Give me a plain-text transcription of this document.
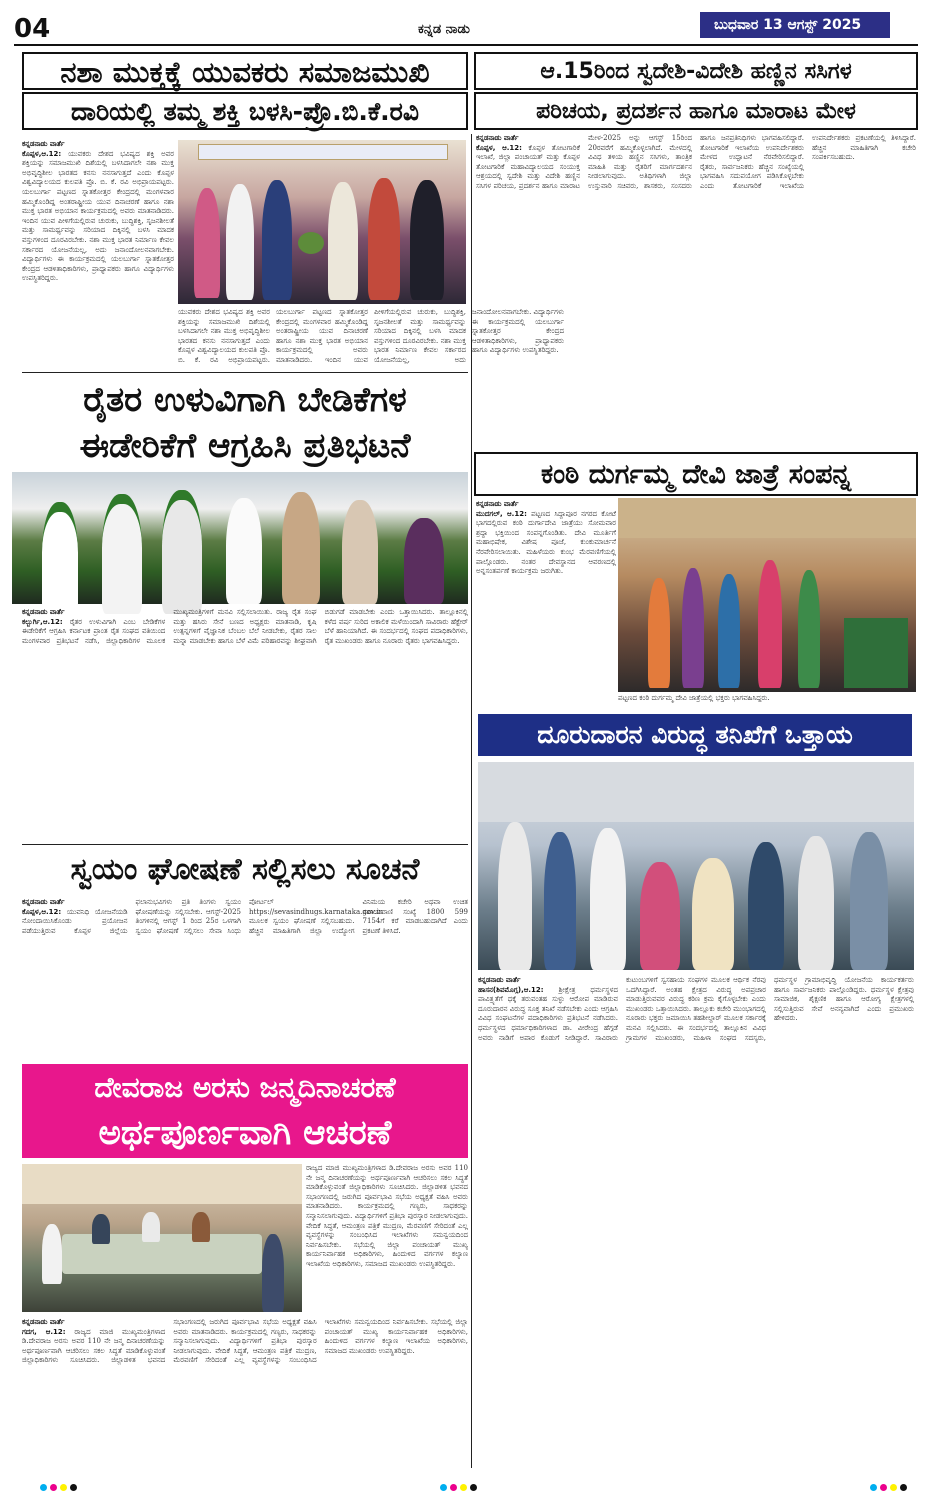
04	ಕನ್ನಡ ನಾಡು	ಬುಧವಾರ 13 ಆಗಸ್ಟ್ 2025
ನಶಾ ಮುಕ್ತಕ್ಕೆ ಯುವಕರು ಸಮಾಜಮುಖಿ
ದಾರಿಯಲ್ಲಿ ತಮ್ಮ ಶಕ್ತಿ ಬಳಸಿ-ಪ್ರೊ.ಬಿ.ಕೆ.ರವಿ
ಕನ್ನಡನಾಡು ವಾರ್ತೆ
ಕೊಪ್ಪಳ,ಆ.12: ಯುವಕರು ದೇಶದ ಭವಿಷ್ಯದ ಶಕ್ತಿ ಅವರ ಶಕ್ತಿಯನ್ನು ಸಮಾಜಮುಖಿ ದಿಶೆಯಲ್ಲಿ ಬಳಸಿದಾಗಲೇ ನಶಾ ಮುಕ್ತ ಅಭಿವೃದ್ಧಿಶೀಲ ಭಾರತದ ಕನಸು ನನಸಾಗುತ್ತದೆ ಎಂದು ಕೊಪ್ಪಳ ವಿಶ್ವವಿದ್ಯಾಲಯದ ಕುಲಪತಿ ಪ್ರೊ. ಬಿ. ಕೆ. ರವಿ ಅಭಿಪ್ರಾಯಪಟ್ಟರು. ಯಲಬುರ್ಗಾ ಪಟ್ಟಣದ ಸ್ನಾತಕೋತ್ತರ ಕೇಂದ್ರದಲ್ಲಿ ಮಂಗಳವಾರ ಹಮ್ಮಿಕೊಂಡಿದ್ದ ಅಂತರಾಷ್ಟ್ರೀಯ ಯುವ ದಿನಾಚರಣೆ ಹಾಗೂ ನಶಾ ಮುಕ್ತ ಭಾರತ ಅಭಿಯಾನ ಕಾರ್ಯಕ್ರಮದಲ್ಲಿ ಅವರು ಮಾತನಾಡಿದರು. ಇಂದಿನ ಯುವ ಪೀಳಿಗೆಯಲ್ಲಿರುವ ಚುರುಕು, ಬುದ್ಧಿಶಕ್ತಿ, ಸೃಜನಶೀಲತೆ ಮತ್ತು ಸಾಮರ್ಥ್ಯವನ್ನು ಸರಿಯಾದ ದಿಕ್ಕಿನಲ್ಲಿ ಬಳಸಿ ಮಾದಕ ವಸ್ತುಗಳಿಂದ ದೂರವಿರಬೇಕು. ನಶಾ ಮುಕ್ತ ಭಾರತ ನಿರ್ಮಾಣ ಕೇವಲ ಸರ್ಕಾರದ ಯೋಜನೆಯಲ್ಲ, ಅದು ಜನಾಂದೋಲನವಾಗಬೇಕು. ವಿದ್ಯಾರ್ಥಿಗಳು ಈ ಕಾರ್ಯಕ್ರಮದಲ್ಲಿ ಯಲಬುರ್ಗಾ ಸ್ನಾತಕೋತ್ತರ ಕೇಂದ್ರದ ಆಡಳಿತಾಧಿಕಾರಿಗಳು, ಪ್ರಾಧ್ಯಾಪಕರು ಹಾಗೂ ವಿದ್ಯಾರ್ಥಿಗಳು ಉಪಸ್ಥಿತರಿದ್ದರು.
ಯುವಕರು ದೇಶದ ಭವಿಷ್ಯದ ಶಕ್ತಿ ಅವರ ಶಕ್ತಿಯನ್ನು ಸಮಾಜಮುಖಿ ದಿಶೆಯಲ್ಲಿ ಬಳಸಿದಾಗಲೇ ನಶಾ ಮುಕ್ತ ಅಭಿವೃದ್ಧಿಶೀಲ ಭಾರತದ ಕನಸು ನನಸಾಗುತ್ತದೆ ಎಂದು ಕೊಪ್ಪಳ ವಿಶ್ವವಿದ್ಯಾಲಯದ ಕುಲಪತಿ ಪ್ರೊ. ಬಿ. ಕೆ. ರವಿ ಅಭಿಪ್ರಾಯಪಟ್ಟರು. ಯಲಬುರ್ಗಾ ಪಟ್ಟಣದ ಸ್ನಾತಕೋತ್ತರ ಕೇಂದ್ರದಲ್ಲಿ ಮಂಗಳವಾರ ಹಮ್ಮಿಕೊಂಡಿದ್ದ ಅಂತರಾಷ್ಟ್ರೀಯ ಯುವ ದಿನಾಚರಣೆ ಹಾಗೂ ನಶಾ ಮುಕ್ತ ಭಾರತ ಅಭಿಯಾನ ಕಾರ್ಯಕ್ರಮದಲ್ಲಿ ಅವರು ಮಾತನಾಡಿದರು. ಇಂದಿನ ಯುವ ಪೀಳಿಗೆಯಲ್ಲಿರುವ ಚುರುಕು, ಬುದ್ಧಿಶಕ್ತಿ, ಸೃಜನಶೀಲತೆ ಮತ್ತು ಸಾಮರ್ಥ್ಯವನ್ನು ಸರಿಯಾದ ದಿಕ್ಕಿನಲ್ಲಿ ಬಳಸಿ ಮಾದಕ ವಸ್ತುಗಳಿಂದ ದೂರವಿರಬೇಕು. ನಶಾ ಮುಕ್ತ ಭಾರತ ನಿರ್ಮಾಣ ಕೇವಲ ಸರ್ಕಾರದ ಯೋಜನೆಯಲ್ಲ, ಅದು ಜನಾಂದೋಲನವಾಗಬೇಕು. ವಿದ್ಯಾರ್ಥಿಗಳು ಈ ಕಾರ್ಯಕ್ರಮದಲ್ಲಿ ಯಲಬುರ್ಗಾ ಸ್ನಾತಕೋತ್ತರ ಕೇಂದ್ರದ ಆಡಳಿತಾಧಿಕಾರಿಗಳು, ಪ್ರಾಧ್ಯಾಪಕರು ಹಾಗೂ ವಿದ್ಯಾರ್ಥಿಗಳು ಉಪಸ್ಥಿತರಿದ್ದರು.
ಆ.15ರಿಂದ ಸ್ವದೇಶಿ-ವಿದೇಶಿ ಹಣ್ಣಿನ ಸಸಿಗಳ
ಪರಿಚಯ, ಪ್ರದರ್ಶನ ಹಾಗೂ ಮಾರಾಟ ಮೇಳ
ಕನ್ನಡನಾಡು ವಾರ್ತೆ
ಕೊಪ್ಪಳ, ಆ.12: ಕೊಪ್ಪಳ ತೋಟಗಾರಿಕೆ ಇಲಾಖೆ, ಜಿಲ್ಲಾ ಪಂಚಾಯತ್ ಮತ್ತು ಕೊಪ್ಪಳ ತೋಟಗಾರಿಕೆ ಮಹಾವಿದ್ಯಾಲಯದ ಸಂಯುಕ್ತ ಆಶ್ರಯದಲ್ಲಿ ಸ್ವದೇಶಿ ಮತ್ತು ವಿದೇಶಿ ಹಣ್ಣಿನ ಸಸಿಗಳ ಪರಿಚಯ, ಪ್ರದರ್ಶನ ಹಾಗೂ ಮಾರಾಟ ಮೇಳ-2025 ಅನ್ನು ಆಗಸ್ಟ್ 15ರಿಂದ 20ರವರೆಗೆ ಹಮ್ಮಿಕೊಳ್ಳಲಾಗಿದೆ. ಮೇಳದಲ್ಲಿ ವಿವಿಧ ತಳಿಯ ಹಣ್ಣಿನ ಸಸಿಗಳು, ತಾಂತ್ರಿಕ ಮಾಹಿತಿ ಮತ್ತು ರೈತರಿಗೆ ಮಾರ್ಗದರ್ಶನ ನೀಡಲಾಗುವುದು. ಅತಿಥಿಗಳಾಗಿ ಜಿಲ್ಲಾ ಉಸ್ತುವಾರಿ ಸಚಿವರು, ಶಾಸಕರು, ಸಂಸದರು ಹಾಗೂ ಜನಪ್ರತಿನಿಧಿಗಳು ಭಾಗವಹಿಸಲಿದ್ದಾರೆ. ತೋಟಗಾರಿಕೆ ಇಲಾಖೆಯ ಉಪನಿರ್ದೇಶಕರು ಮೇಳದ ಉದ್ಘಾಟನೆ ನೆರವೇರಿಸಲಿದ್ದಾರೆ. ರೈತರು, ಸಾರ್ವಜನಿಕರು ಹೆಚ್ಚಿನ ಸಂಖ್ಯೆಯಲ್ಲಿ ಭಾಗವಹಿಸಿ ಸದುಪಯೋಗ ಪಡಿಸಿಕೊಳ್ಳಬೇಕು ಎಂದು ತೋಟಗಾರಿಕೆ ಇಲಾಖೆಯ ಉಪನಿರ್ದೇಶಕರು ಪ್ರಕಟಣೆಯಲ್ಲಿ ತಿಳಿಸಿದ್ದಾರೆ. ಹೆಚ್ಚಿನ ಮಾಹಿತಿಗಾಗಿ ಕಚೇರಿ ಸಂಪರ್ಕಿಸಬಹುದು.
ರೈತರ ಉಳುವಿಗಾಗಿ ಬೇಡಿಕೆಗಳ
ಈಡೇರಿಕೆಗೆ ಆಗ್ರಹಿಸಿ ಪ್ರತಿಭಟನೆ
ಕನ್ನಡನಾಡು ವಾರ್ತೆ
ಕಲ್ಬುರ್ಗಿ,ಆ.12: ರೈತರ ಉಳುವಿಗಾಗಿ ಎಂಬ ಬೇಡಿಕೆಗಳ ಈಡೇರಿಕೆಗೆ ಆಗ್ರಹಿಸಿ ಕರ್ನಾಟಕ ಪ್ರಾಂತ ರೈತ ಸಂಘದ ವತಿಯಿಂದ ಮಂಗಳವಾರ ಪ್ರತಿಭಟನೆ ನಡೆಸಿ, ಜಿಲ್ಲಾಧಿಕಾರಿಗಳ ಮೂಲಕ ಮುಖ್ಯಮಂತ್ರಿಗಳಿಗೆ ಮನವಿ ಸಲ್ಲಿಸಲಾಯಿತು. ರಾಜ್ಯ ರೈತ ಸಂಘ ಮತ್ತು ಹಸಿರು ಸೇನೆ ಬಣದ ಅಧ್ಯಕ್ಷರು ಮಾತನಾಡಿ, ಕೃಷಿ ಉತ್ಪನ್ನಗಳಿಗೆ ವೈಜ್ಞಾನಿಕ ಬೆಂಬಲ ಬೆಲೆ ನೀಡಬೇಕು, ರೈತರ ಸಾಲ ಮನ್ನಾ ಮಾಡಬೇಕು ಹಾಗೂ ಬೆಳೆ ವಿಮೆ ಪರಿಹಾರವನ್ನು ಶೀಘ್ರವಾಗಿ ಬಿಡುಗಡೆ ಮಾಡಬೇಕು ಎಂದು ಒತ್ತಾಯಿಸಿದರು. ತಾಲ್ಲೂಕಿನಲ್ಲಿ ಕಳೆದ ವರ್ಷ ಸುರಿದ ಅಕಾಲಿಕ ಮಳೆಯಿಂದಾಗಿ ಸಾವಿರಾರು ಹೆಕ್ಟೇರ್ ಬೆಳೆ ಹಾನಿಯಾಗಿದೆ. ಈ ಸಂದರ್ಭದಲ್ಲಿ ಸಂಘದ ಪದಾಧಿಕಾರಿಗಳು, ರೈತ ಮುಖಂಡರು ಹಾಗೂ ನೂರಾರು ರೈತರು ಭಾಗವಹಿಸಿದ್ದರು.
ಕಂಠಿ ದುರ್ಗಮ್ಮ ದೇವಿ ಜಾತ್ರೆ ಸಂಪನ್ನ
ಕನ್ನಡನಾಡು ವಾರ್ತೆ
ಮುದಗಲ್, ಆ.12: ಪಟ್ಟಣದ ಸಿದ್ದಾಪೂರ ನಗರದ ಕೋಟೆ ಭಾಗದಲ್ಲಿರುವ ಕಂಠಿ ದುರ್ಗಾದೇವಿ ಜಾತ್ರೆಯು ಸೋಮವಾರ ಶ್ರದ್ಧಾ ಭಕ್ತಿಯಿಂದ ಸಂಪನ್ನಗೊಂಡಿತು. ದೇವಿ ಮೂರ್ತಿಗೆ ಮಹಾಭಿಷೇಕ, ವಿಶೇಷ ಪೂಜೆ, ಕುಂಕುಮಾರ್ಚನೆ ನೆರವೇರಿಸಲಾಯಿತು. ಮಹಿಳೆಯರು ಕುಂಭ ಮೆರವಣಿಗೆಯಲ್ಲಿ ಪಾಲ್ಗೊಂಡರು. ನಂತರ ದೇವಸ್ಥಾನದ ಆವರಣದಲ್ಲಿ ಅನ್ನಸಂತರ್ಪಣೆ ಕಾರ್ಯಕ್ರಮ ಜರುಗಿತು.
ಪಟ್ಟಣದ ಕಂಠಿ ದುರ್ಗಮ್ಮ ದೇವಿ ಜಾತ್ರೆಯಲ್ಲಿ ಭಕ್ತರು ಭಾಗವಹಿಸಿದ್ದರು.
ದೂರುದಾರನ ವಿರುದ್ಧ ತನಿಖೆಗೆ ಒತ್ತಾಯ
ಕನ್ನಡನಾಡು ವಾರ್ತೆ
ಹಾಸನ(ಶಿವಮೊಗ್ಗ),ಆ.12: ಶ್ರೀಕ್ಷೇತ್ರ ಧರ್ಮಸ್ಥಳದ ಪಾವಿತ್ರ್ಯತೆಗೆ ಧಕ್ಕೆ ತರುವಂತಹ ಸುಳ್ಳು ಆರೋಪ ಮಾಡಿರುವ ದೂರುದಾರನ ವಿರುದ್ಧ ಸೂಕ್ತ ತನಿಖೆ ನಡೆಸಬೇಕು ಎಂದು ಆಗ್ರಹಿಸಿ ವಿವಿಧ ಸಂಘಟನೆಗಳ ಪದಾಧಿಕಾರಿಗಳು ಪ್ರತಿಭಟನೆ ನಡೆಸಿದರು. ಧರ್ಮಸ್ಥಳದ ಧರ್ಮಾಧಿಕಾರಿಗಳಾದ ಡಾ. ವೀರೇಂದ್ರ ಹೆಗ್ಗಡೆ ಅವರು ನಾಡಿಗೆ ಅಪಾರ ಕೊಡುಗೆ ನೀಡಿದ್ದಾರೆ. ಸಾವಿರಾರು ಕುಟುಂಬಗಳಿಗೆ ಸ್ವಸಹಾಯ ಸಂಘಗಳ ಮೂಲಕ ಆರ್ಥಿಕ ನೆರವು ಒದಗಿಸಿದ್ದಾರೆ. ಅಂತಹ ಕ್ಷೇತ್ರದ ವಿರುದ್ಧ ಅಪಪ್ರಚಾರ ಮಾಡುತ್ತಿರುವವರ ವಿರುದ್ಧ ಕಠಿಣ ಕ್ರಮ ಕೈಗೊಳ್ಳಬೇಕು ಎಂದು ಮುಖಂಡರು ಒತ್ತಾಯಿಸಿದರು. ತಾಲ್ಲೂಕು ಕಚೇರಿ ಮುಂಭಾಗದಲ್ಲಿ ನೂರಾರು ಭಕ್ತರು ಜಮಾಯಿಸಿ ತಹಶೀಲ್ದಾರ್ ಮೂಲಕ ಸರ್ಕಾರಕ್ಕೆ ಮನವಿ ಸಲ್ಲಿಸಿದರು. ಈ ಸಂದರ್ಭದಲ್ಲಿ ತಾಲ್ಲೂಕಿನ ವಿವಿಧ ಗ್ರಾಮಗಳ ಮುಖಂಡರು, ಮಹಿಳಾ ಸಂಘದ ಸದಸ್ಯರು, ಧರ್ಮಸ್ಥಳ ಗ್ರಾಮಾಭಿವೃದ್ಧಿ ಯೋಜನೆಯ ಕಾರ್ಯಕರ್ತರು ಹಾಗೂ ಸಾರ್ವಜನಿಕರು ಪಾಲ್ಗೊಂಡಿದ್ದರು. ಧರ್ಮಸ್ಥಳ ಕ್ಷೇತ್ರವು ಸಾಮಾಜಿಕ, ಶೈಕ್ಷಣಿಕ ಹಾಗೂ ಆರೋಗ್ಯ ಕ್ಷೇತ್ರಗಳಲ್ಲಿ ಸಲ್ಲಿಸುತ್ತಿರುವ ಸೇವೆ ಅನನ್ಯವಾಗಿದೆ ಎಂದು ಪ್ರಮುಖರು ಹೇಳಿದರು.
ಸ್ವಯಂ ಘೋಷಣೆ ಸಲ್ಲಿಸಲು ಸೂಚನೆ
ಕನ್ನಡನಾಡು ವಾರ್ತೆ
ಕೊಪ್ಪಳ,ಆ.12: ಯುವನಿಧಿ ಯೋಜನೆಯಡಿ ನೋಂದಾಯಿಸಿಕೊಂಡು ಪ್ರಯೋಜನ ಪಡೆಯುತ್ತಿರುವ ಕೊಪ್ಪಳ ಜಿಲ್ಲೆಯ ಫಲಾನುಭವಿಗಳು ಪ್ರತಿ ತಿಂಗಳು ಸ್ವಯಂ ಘೋಷಣೆಯನ್ನು ಸಲ್ಲಿಸಬೇಕು. ಆಗಸ್ಟ್-2025 ತಿಂಗಳಿನಲ್ಲಿ ಆಗಸ್ಟ್ 1 ರಿಂದ 25ರ ಒಳಗಾಗಿ ಸ್ವಯಂ ಘೋಷಣೆ ಸಲ್ಲಿಸಲು ಸೇವಾ ಸಿಂಧು ಪೋರ್ಟಲ್ https://sevasindhugs.karnataka.gov.in ಮೂಲಕ ಸ್ವಯಂ ಘೋಷಣೆ ಸಲ್ಲಿಸಬಹುದು. ಹೆಚ್ಚಿನ ಮಾಹಿತಿಗಾಗಿ ಜಿಲ್ಲಾ ಉದ್ಯೋಗ ವಿನಿಮಯ ಕಚೇರಿ ಅಥವಾ ಉಚಿತ ಸಹಾಯವಾಣಿ ಸಂಖ್ಯೆ 1800 599 7154ಗೆ ಕರೆ ಮಾಡಬಹುದಾಗಿದೆ ಎಂದು ಪ್ರಕಟಣೆ ತಿಳಿಸಿದೆ.
ದೇವರಾಜ ಅರಸು ಜನ್ಮದಿನಾಚರಣೆ
ಅರ್ಥಪೂರ್ಣವಾಗಿ ಆಚರಣೆ
ರಾಜ್ಯದ ಮಾಜಿ ಮುಖ್ಯಮಂತ್ರಿಗಳಾದ ಡಿ.ದೇವರಾಜ ಅರಸು ಅವರ 110 ನೇ ಜನ್ಮ ದಿನಾಚರಣೆಯನ್ನು ಅರ್ಥಪೂರ್ಣವಾಗಿ ಆಚರಿಸಲು ಸಕಲ ಸಿದ್ಧತೆ ಮಾಡಿಕೊಳ್ಳುವಂತೆ ಜಿಲ್ಲಾಧಿಕಾರಿಗಳು ಸೂಚಿಸಿದರು. ಜಿಲ್ಲಾಡಳಿತ ಭವನದ ಸಭಾಂಗಣದಲ್ಲಿ ಜರುಗಿದ ಪೂರ್ವಭಾವಿ ಸಭೆಯ ಅಧ್ಯಕ್ಷತೆ ವಹಿಸಿ ಅವರು ಮಾತನಾಡಿದರು. ಕಾರ್ಯಕ್ರಮದಲ್ಲಿ ಗಣ್ಯರು, ಸಾಧಕರನ್ನು ಸನ್ಮಾನಿಸಲಾಗುವುದು. ವಿದ್ಯಾರ್ಥಿಗಳಿಗೆ ಪ್ರತಿಭಾ ಪುರಸ್ಕಾರ ನೀಡಲಾಗುವುದು. ವೇದಿಕೆ ಸಿದ್ಧತೆ, ಆಮಂತ್ರಣ ಪತ್ರಿಕೆ ಮುದ್ರಣ, ಮೆರವಣಿಗೆ ಸೇರಿದಂತೆ ಎಲ್ಲ ವ್ಯವಸ್ಥೆಗಳನ್ನು ಸಂಬಂಧಿಸಿದ ಇಲಾಖೆಗಳು ಸಮನ್ವಯದಿಂದ ನಿರ್ವಹಿಸಬೇಕು. ಸಭೆಯಲ್ಲಿ ಜಿಲ್ಲಾ ಪಂಚಾಯತ್ ಮುಖ್ಯ ಕಾರ್ಯನಿರ್ವಾಹಕ ಅಧಿಕಾರಿಗಳು, ಹಿಂದುಳಿದ ವರ್ಗಗಳ ಕಲ್ಯಾಣ ಇಲಾಖೆಯ ಅಧಿಕಾರಿಗಳು, ಸಮಾಜದ ಮುಖಂಡರು ಉಪಸ್ಥಿತರಿದ್ದರು.
ಕನ್ನಡನಾಡು ವಾರ್ತೆ
ಗದಗ, ಆ.12: ರಾಜ್ಯದ ಮಾಜಿ ಮುಖ್ಯಮಂತ್ರಿಗಳಾದ ಡಿ.ದೇವರಾಜ ಅರಸು ಅವರ 110 ನೇ ಜನ್ಮ ದಿನಾಚರಣೆಯನ್ನು ಅರ್ಥಪೂರ್ಣವಾಗಿ ಆಚರಿಸಲು ಸಕಲ ಸಿದ್ಧತೆ ಮಾಡಿಕೊಳ್ಳುವಂತೆ ಜಿಲ್ಲಾಧಿಕಾರಿಗಳು ಸೂಚಿಸಿದರು. ಜಿಲ್ಲಾಡಳಿತ ಭವನದ ಸಭಾಂಗಣದಲ್ಲಿ ಜರುಗಿದ ಪೂರ್ವಭಾವಿ ಸಭೆಯ ಅಧ್ಯಕ್ಷತೆ ವಹಿಸಿ ಅವರು ಮಾತನಾಡಿದರು. ಕಾರ್ಯಕ್ರಮದಲ್ಲಿ ಗಣ್ಯರು, ಸಾಧಕರನ್ನು ಸನ್ಮಾನಿಸಲಾಗುವುದು. ವಿದ್ಯಾರ್ಥಿಗಳಿಗೆ ಪ್ರತಿಭಾ ಪುರಸ್ಕಾರ ನೀಡಲಾಗುವುದು. ವೇದಿಕೆ ಸಿದ್ಧತೆ, ಆಮಂತ್ರಣ ಪತ್ರಿಕೆ ಮುದ್ರಣ, ಮೆರವಣಿಗೆ ಸೇರಿದಂತೆ ಎಲ್ಲ ವ್ಯವಸ್ಥೆಗಳನ್ನು ಸಂಬಂಧಿಸಿದ ಇಲಾಖೆಗಳು ಸಮನ್ವಯದಿಂದ ನಿರ್ವಹಿಸಬೇಕು. ಸಭೆಯಲ್ಲಿ ಜಿಲ್ಲಾ ಪಂಚಾಯತ್ ಮುಖ್ಯ ಕಾರ್ಯನಿರ್ವಾಹಕ ಅಧಿಕಾರಿಗಳು, ಹಿಂದುಳಿದ ವರ್ಗಗಳ ಕಲ್ಯಾಣ ಇಲಾಖೆಯ ಅಧಿಕಾರಿಗಳು, ಸಮಾಜದ ಮುಖಂಡರು ಉಪಸ್ಥಿತರಿದ್ದರು.
